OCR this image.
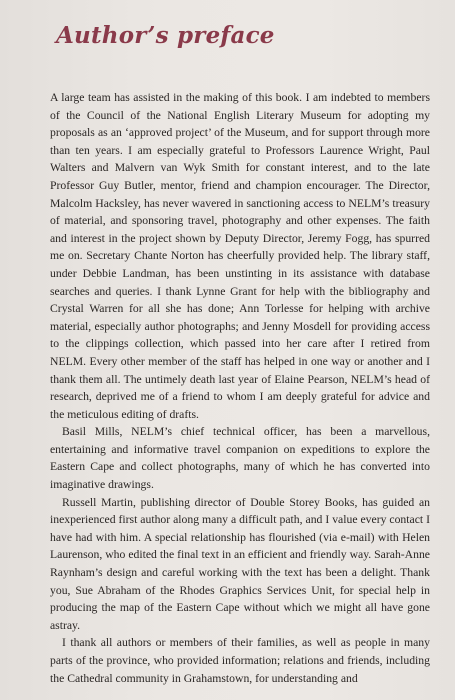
Author’s preface

A large team has assisted in the making of this book. I am indebted to members of the Council of the National English Literary Museum for adopting my proposals as an ‘approved project’ of the Museum, and for support through more than ten years. I am especially grateful to Professors Laurence Wright, Paul Walters and Malvern van Wyk Smith for constant interest, and to the late Professor Guy Butler, mentor, friend and champion encourager. The Director, Malcolm Hacksley, has never wavered in sanctioning access to NELM’s treasury of material, and sponsoring travel, photography and other expenses. The faith and interest in the project shown by Deputy Director, Jeremy Fogg, has spurred me on. Secretary Chante Norton has cheerfully provided help. The library staff, under Debbie Landman, has been unstinting in its assistance with database searches and queries. I thank Lynne Grant for help with the bibliography and Crystal Warren for all she has done; Ann Torlesse for helping with archive material, especially author photographs; and Jenny Mosdell for providing access to the clippings collection, which passed into her care after I retired from NELM. Every other member of the staff has helped in one way or another and I thank them all. The untimely death last year of Elaine Pearson, NELM’s head of research, deprived me of a friend to whom I am deeply grateful for advice and the meticulous editing of drafts.

Basil Mills, NELM’s chief technical officer, has been a marvellous, entertaining and informative travel companion on expeditions to explore the Eastern Cape and collect photographs, many of which he has converted into imaginative drawings.

Russell Martin, publishing director of Double Storey Books, has guided an inexperienced first author along many a difficult path, and I value every contact I have had with him. A special relationship has flourished (via e-mail) with Helen Laurenson, who edited the final text in an efficient and friendly way. Sarah-Anne Raynham’s design and careful working with the text has been a delight. Thank you, Sue Abraham of the Rhodes Graphics Services Unit, for special help in producing the map of the Eastern Cape without which we might all have gone astray.

I thank all authors or members of their families, as well as people in many parts of the province, who provided information; relations and friends, including the Cathedral community in Grahamstown, for understanding and
